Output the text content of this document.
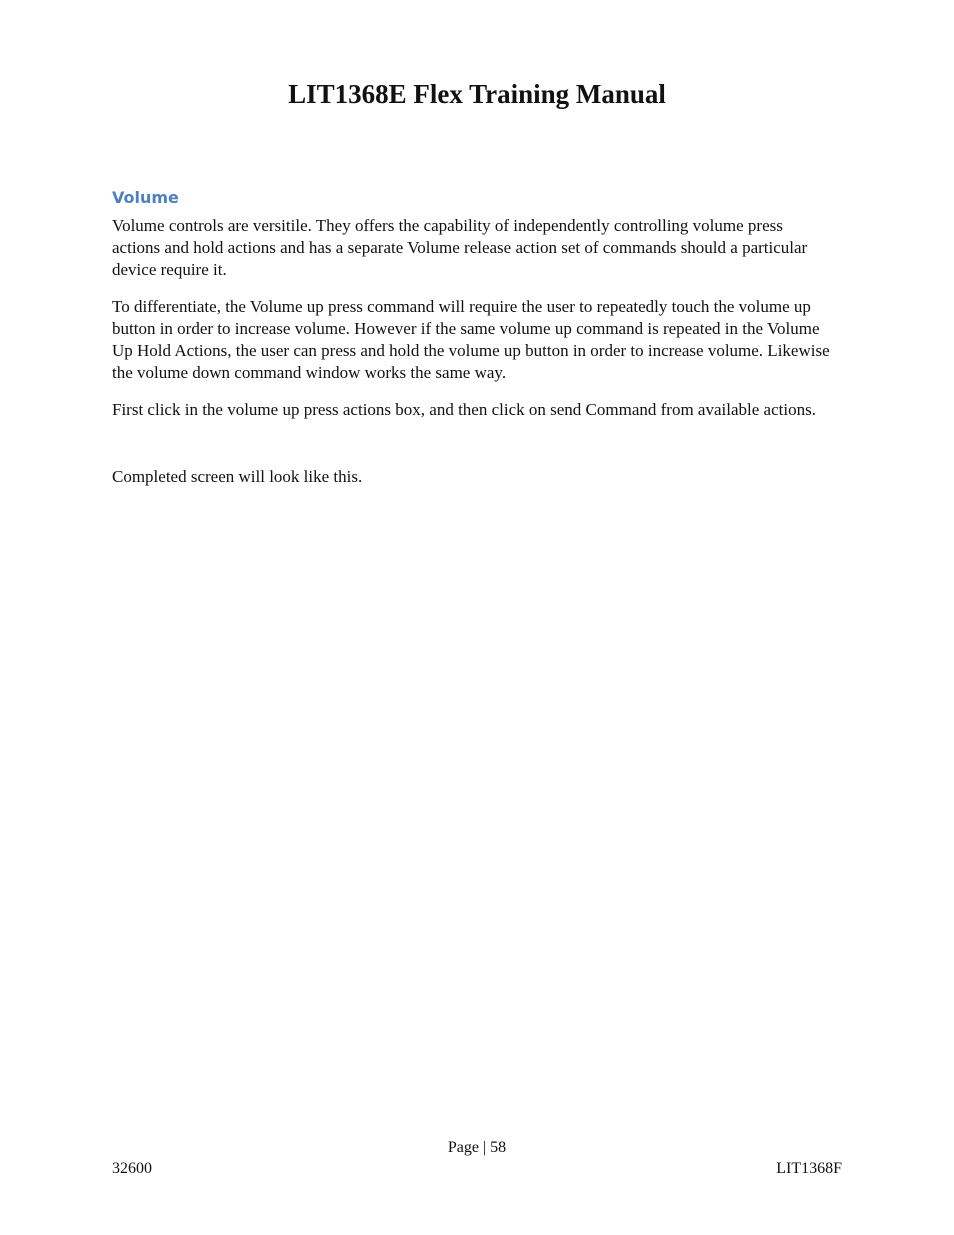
LIT1368E Flex Training Manual
Volume

Volume controls are versitile. They offers the capability of independently controlling volume press actions and hold actions and has a separate Volume release action set of commands should a particular device require it.

To differentiate, the Volume up press command will require the user to repeatedly touch the volume up button in order to increase volume. However if the same volume up command is repeated in the Volume Up Hold Actions, the user can press and hold the volume up button in order to increase volume. Likewise the volume down command window works the same way.

First click in the volume up press actions box, and then click on send Command from available actions.

Completed screen will look like this.

Page | 58
32600	LIT1368F
